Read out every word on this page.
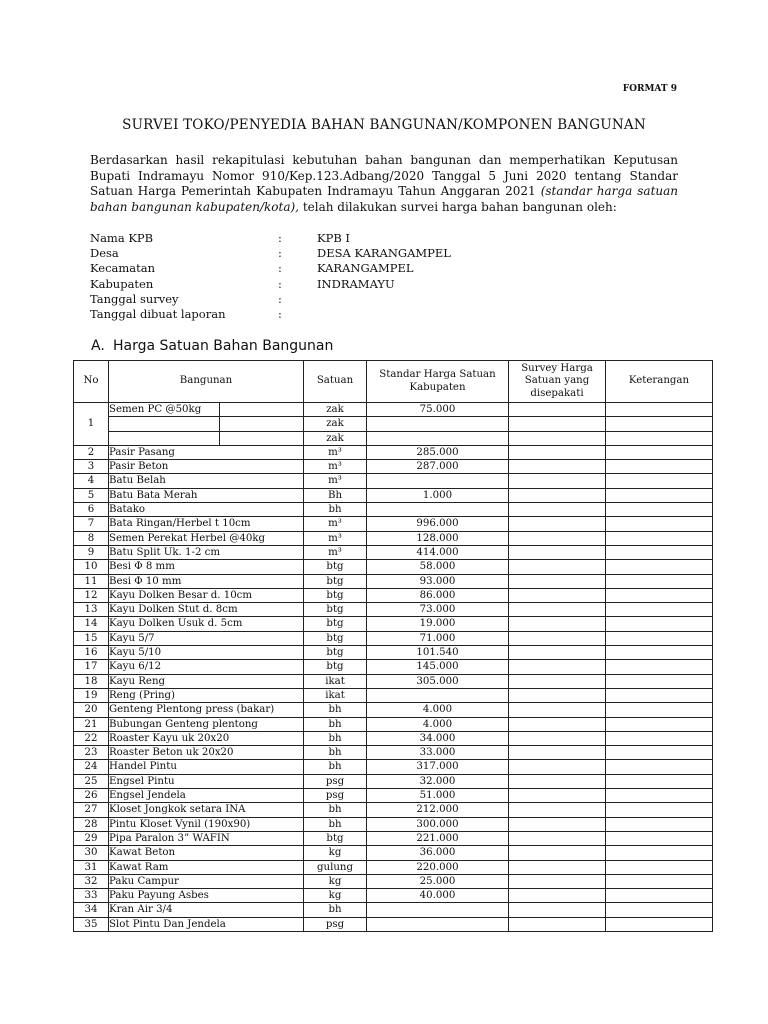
FORMAT 9
SURVEI TOKO/PENYEDIA BAHAN BANGUNAN/KOMPONEN BANGUNAN
Berdasarkan hasil rekapitulasi kebutuhan bahan bangunan dan memperhatikan Keputusan Bupati Indramayu Nomor 910/Kep.123.Adbang/2020 Tanggal 5 Juni 2020 tentang Standar Satuan Harga Pemerintah Kabupaten Indramayu Tahun Anggaran 2021 (standar harga satuan bahan bangunan kabupaten/kota), telah dilakukan survei harga bahan bangunan oleh:
Nama KPB	:	KPB I
Desa	:	DESA KARANGAMPEL
Kecamatan	:	KARANGAMPEL
Kabupaten	:	INDRAMAYU
Tanggal survey	:
Tanggal dibuat laporan	:
A. Harga Satuan Bahan Bangunan
No	Bangunan		Satuan	Standar Harga Satuan Kabupaten	Survey Harga Satuan yang disepakati	Keterangan
1	Semen PC @50kg		zak	75.000		
			zak			
			zak			
2	Pasir Pasang		m³	285.000		
3	Pasir Beton		m³	287.000		
4	Batu Belah		m³			
5	Batu Bata Merah		Bh	1.000		
6	Batako		bh			
7	Bata Ringan/Herbel t 10cm		m³	996.000		
8	Semen Perekat Herbel @40kg		m³	128.000		
9	Batu Split Uk. 1-2 cm		m³	414.000		
10	Besi Φ 8 mm		btg	58.000		
11	Besi Φ 10 mm		btg	93.000		
12	Kayu Dolken Besar d. 10cm		btg	86.000		
13	Kayu Dolken Stut d. 8cm		btg	73.000		
14	Kayu Dolken Usuk d. 5cm		btg	19.000		
15	Kayu 5/7		btg	71.000		
16	Kayu 5/10		btg	101.540		
17	Kayu 6/12		btg	145.000		
18	Kayu Reng		ikat	305.000		
19	Reng (Pring)		ikat			
20	Genteng Plentong press (bakar)		bh	4.000		
21	Bubungan Genteng plentong		bh	4.000		
22	Roaster Kayu uk 20x20		bh	34.000		
23	Roaster Beton uk 20x20		bh	33.000		
24	Handel Pintu		bh	317.000		
25	Engsel Pintu		psg	32.000		
26	Engsel Jendela		psg	51.000		
27	Kloset Jongkok setara INA		bh	212.000		
28	Pintu Kloset Vynil (190x90)		bh	300.000		
29	Pipa Paralon 3” WAFIN		btg	221.000		
30	Kawat Beton		kg	36.000		
31	Kawat Ram		gulung	220.000		
32	Paku Campur		kg	25.000		
33	Paku Payung Asbes		kg	40.000		
34	Kran Air 3/4		bh			
35	Slot Pintu Dan Jendela		psg			
